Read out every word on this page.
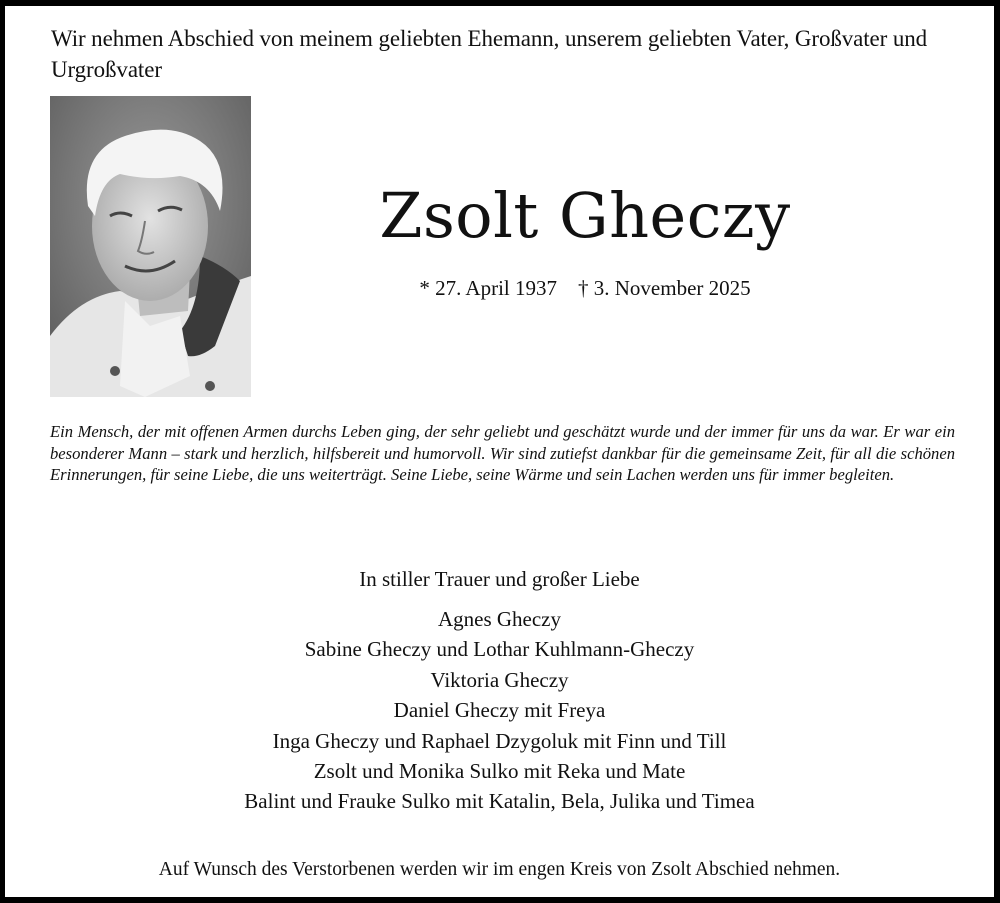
Wir nehmen Abschied von meinem geliebten Ehemann, unserem geliebten Vater, Großvater und Urgroßvater
Zsolt Gheczy
* 27. April 1937    † 3. November 2025

Ein Mensch, der mit offenen Armen durchs Leben ging, der sehr geliebt und geschätzt wurde und der immer für uns da war. Er war ein besonderer Mann – stark und herzlich, hilfsbereit und humorvoll. Wir sind zutiefst dankbar für die gemeinsame Zeit, für all die schönen Erinnerungen, für seine Liebe, die uns weiterträgt. Seine Liebe, seine Wärme und sein Lachen werden uns für immer begleiten.

In stiller Trauer und großer Liebe
Agnes Gheczy
Sabine Gheczy und Lothar Kuhlmann-Gheczy
Viktoria Gheczy
Daniel Gheczy mit Freya
Inga Gheczy und Raphael Dzygoluk mit Finn und Till
Zsolt und Monika Sulko mit Reka und Mate
Balint und Frauke Sulko mit Katalin, Bela, Julika und Timea
Auf Wunsch des Verstorbenen werden wir im engen Kreis von Zsolt Abschied nehmen.
